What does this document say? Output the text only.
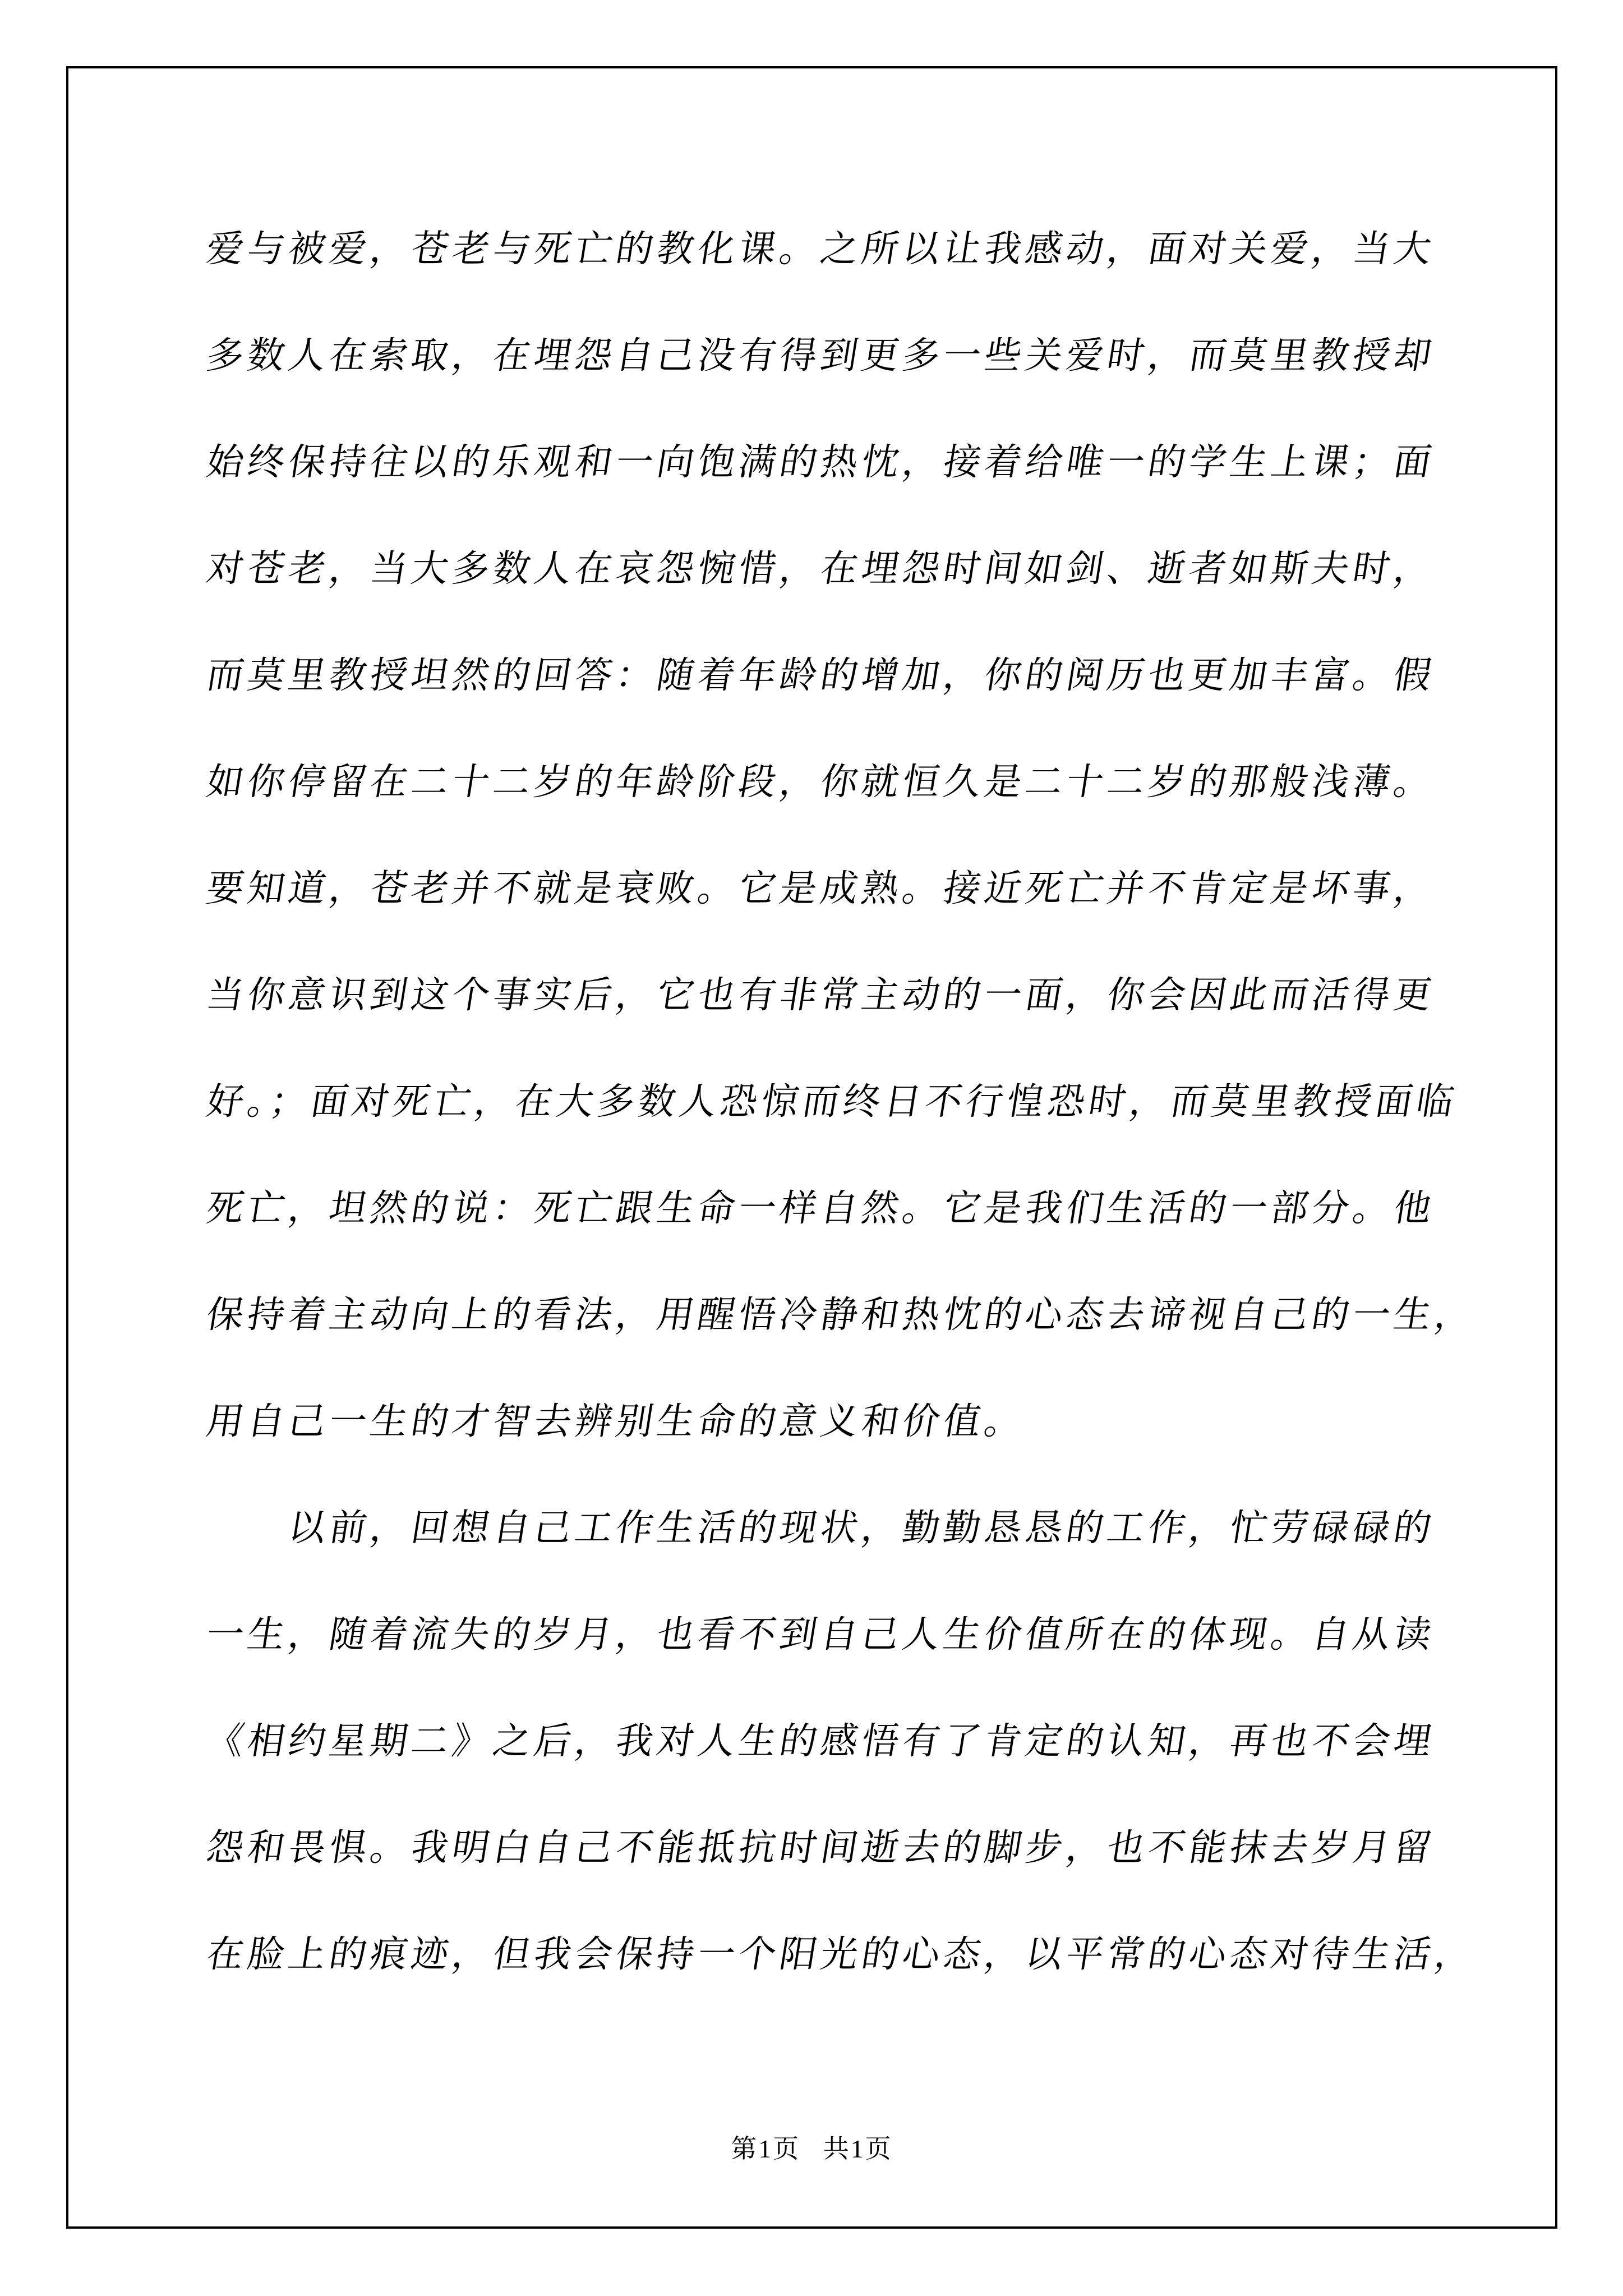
爱与被爱，苍老与死亡的教化课。之所以让我感动，面对关爱，当大
多数人在索取，在埋怨自己没有得到更多一些关爱时，而莫里教授却
始终保持往以的乐观和一向饱满的热忱，接着给唯一的学生上课；面
对苍老，当大多数人在哀怨惋惜，在埋怨时间如剑、逝者如斯夫时，
而莫里教授坦然的回答：随着年龄的增加，你的阅历也更加丰富。假
如你停留在二十二岁的年龄阶段，你就恒久是二十二岁的那般浅薄。
要知道，苍老并不就是衰败。它是成熟。接近死亡并不肯定是坏事，
当你意识到这个事实后，它也有非常主动的一面，你会因此而活得更
好。；面对死亡，在大多数人恐惊而终日不行惶恐时，而莫里教授面临
死亡，坦然的说：死亡跟生命一样自然。它是我们生活的一部分。他
保持着主动向上的看法，用醒悟冷静和热忱的心态去谛视自己的一生，
用自己一生的才智去辨别生命的意义和价值。
以前，回想自己工作生活的现状，勤勤恳恳的工作，忙劳碌碌的
一生，随着流失的岁月，也看不到自己人生价值所在的体现。自从读
《相约星期二》之后，我对人生的感悟有了肯定的认知，再也不会埋
怨和畏惧。我明白自己不能抵抗时间逝去的脚步，也不能抹去岁月留
在脸上的痕迹，但我会保持一个阳光的心态，以平常的心态对待生活，
第1页 共1页
